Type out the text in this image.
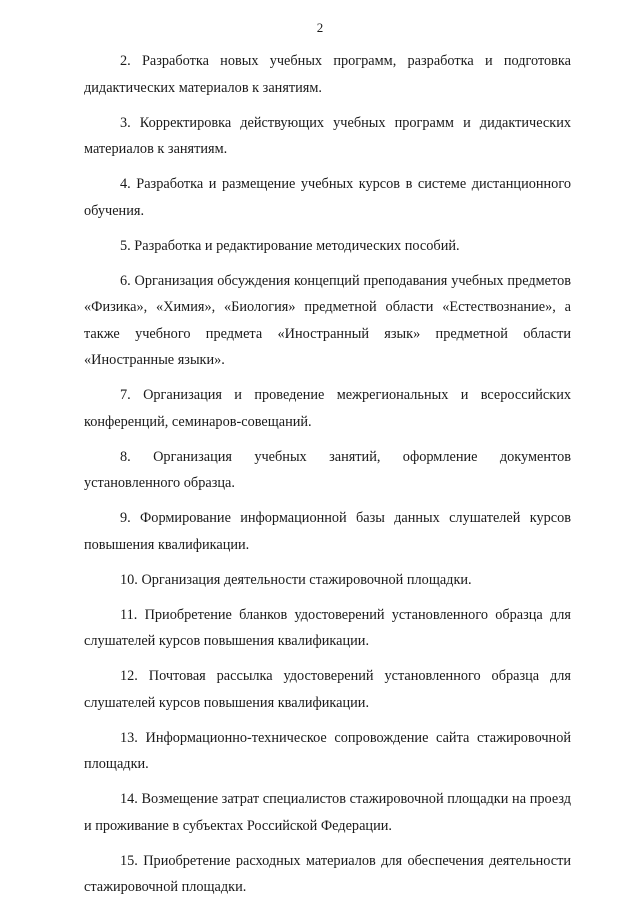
2

2. Разработка новых учебных программ, разработка и подготовка дидактических материалов к занятиям.

3. Корректировка действующих учебных программ и дидактических материалов к занятиям.

4. Разработка и размещение учебных курсов в системе дистанционного обучения.

5. Разработка и редактирование методических пособий.

6. Организация обсуждения концепций преподавания учебных предметов «Физика», «Химия», «Биология» предметной области «Естествознание», а также учебного предмета «Иностранный язык» предметной области «Иностранные языки».

7. Организация и проведение межрегиональных и всероссийских конференций, семинаров-совещаний.

8. Организация учебных занятий, оформление документов установленного образца.

9. Формирование информационной базы данных слушателей курсов повышения квалификации.

10. Организация деятельности стажировочной площадки.

11. Приобретение бланков удостоверений установленного образца для слушателей курсов повышения квалификации.

12. Почтовая рассылка удостоверений установленного образца для слушателей курсов повышения квалификации.

13. Информационно-техническое сопровождение сайта стажировочной площадки.

14. Возмещение затрат специалистов стажировочной площадки на проезд и проживание в субъектах Российской Федерации.

15. Приобретение расходных материалов для обеспечения деятельности стажировочной площадки.
